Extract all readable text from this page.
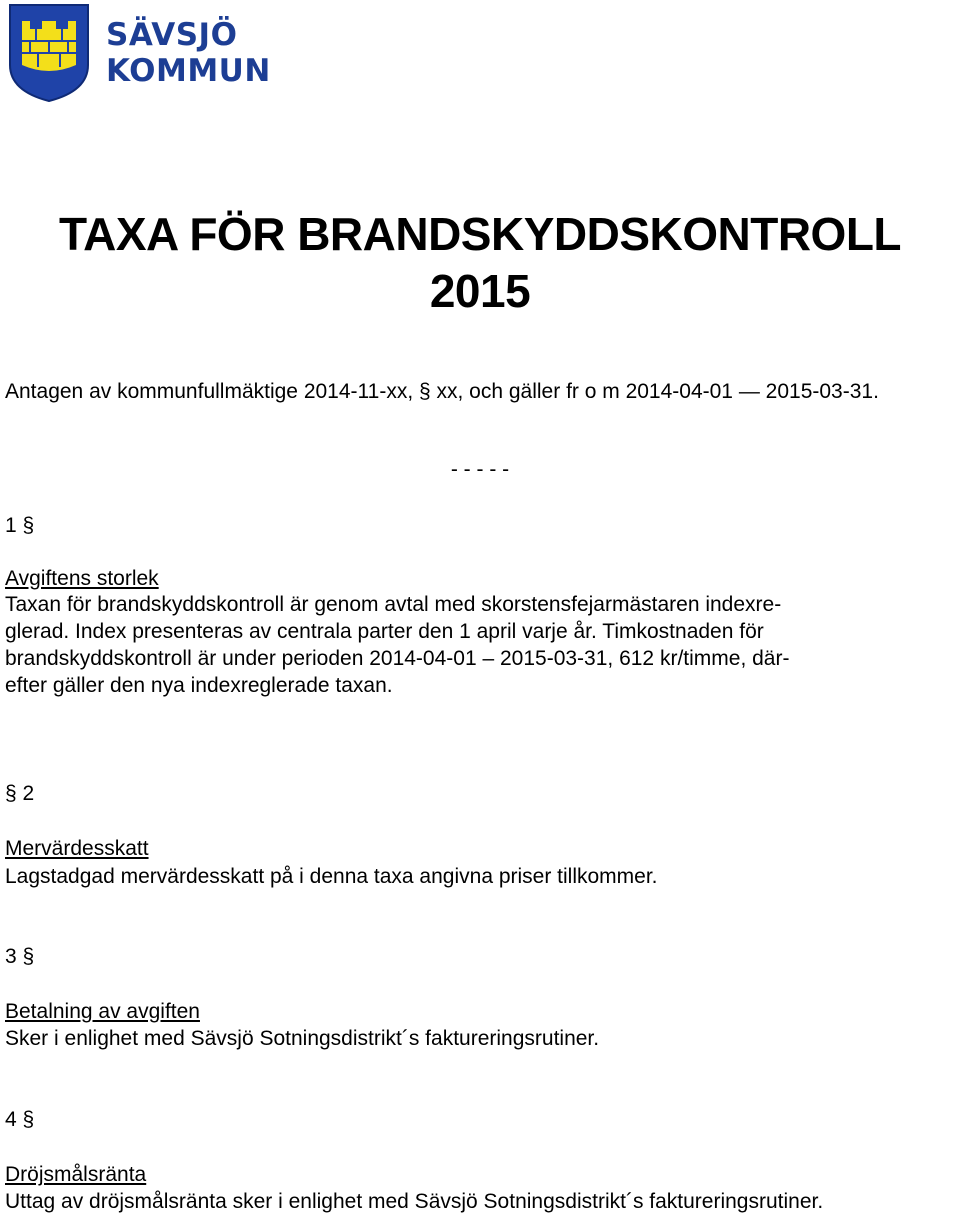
SÄVSJÖ KOMMUN
TAXA FÖR BRANDSKYDDSKONTROLL
2015
Antagen av kommunfullmäktige 2014-11-xx, § xx, och gäller fr o m 2014-04-01 — 2015-03-31.
- - - - -
1 §
Avgiftens storlek
Taxan för brandskyddskontroll är genom avtal med skorstensfejarmästaren indexre-
glerad. Index presenteras av centrala parter den 1 april varje år. Timkostnaden för
brandskyddskontroll är under perioden 2014-04-01 – 2015-03-31, 612 kr/timme, där-
efter gäller den nya indexreglerade taxan.
§ 2
Mervärdesskatt
Lagstadgad mervärdesskatt på i denna taxa angivna priser tillkommer.
3 §
Betalning av avgiften
Sker i enlighet med Sävsjö Sotningsdistrikt´s faktureringsrutiner.
4 §
Dröjsmålsränta
Uttag av dröjsmålsränta sker i enlighet med Sävsjö Sotningsdistrikt´s faktureringsrutiner.
